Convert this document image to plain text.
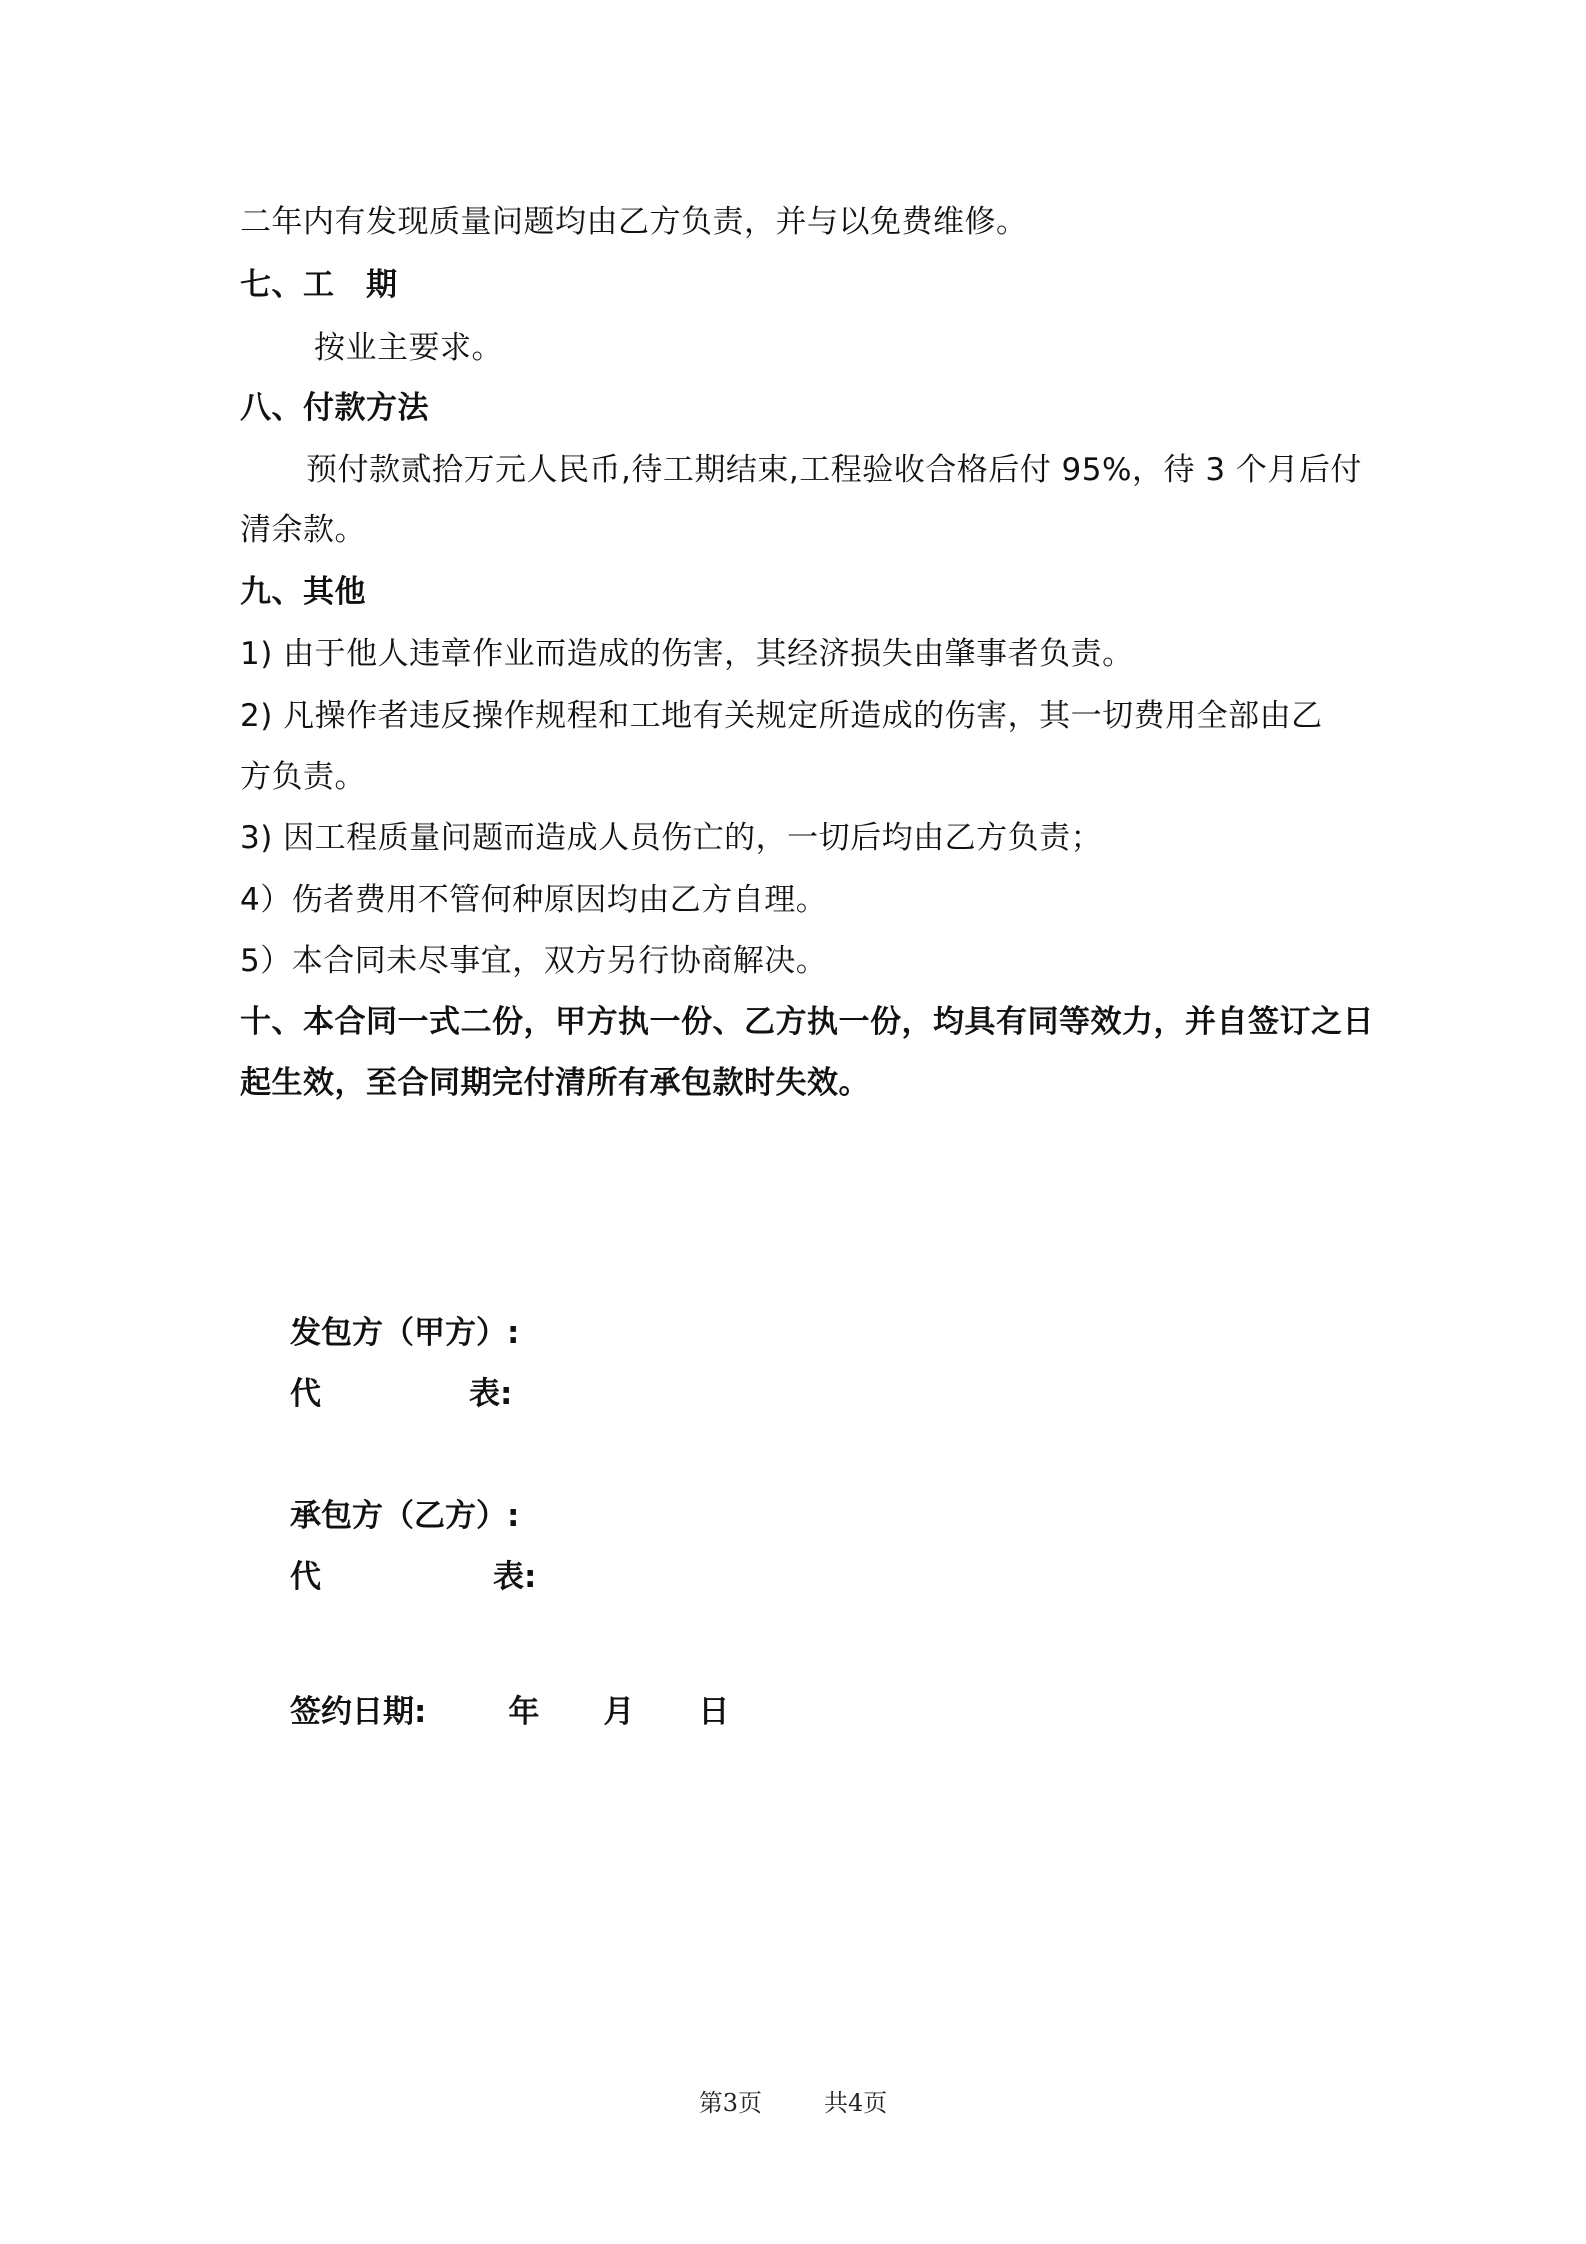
二年内有发现质量问题均由乙方负责，并与以免费维修。
七、工　期
按业主要求。
八、付款方法
预付款贰拾万元人民币,待工期结束,工程验收合格后付 95%，待 3 个月后付
清余款。
九、其他
1) 由于他人违章作业而造成的伤害，其经济损失由肇事者负责。
2) 凡操作者违反操作规程和工地有关规定所造成的伤害，其一切费用全部由乙
方负责。
3) 因工程质量问题而造成人员伤亡的，一切后均由乙方负责；
4）伤者费用不管何种原因均由乙方自理。
5）本合同未尽事宜，双方另行协商解决。
十、本合同一式二份，甲方执一份、乙方执一份，均具有同等效力，并自签订之日
起生效，至合同期完付清所有承包款时失效。
发包方（甲方）:
代	表:
承包方（乙方）:
代	表:
签约日期:	年 月 日
第3页	共4页
